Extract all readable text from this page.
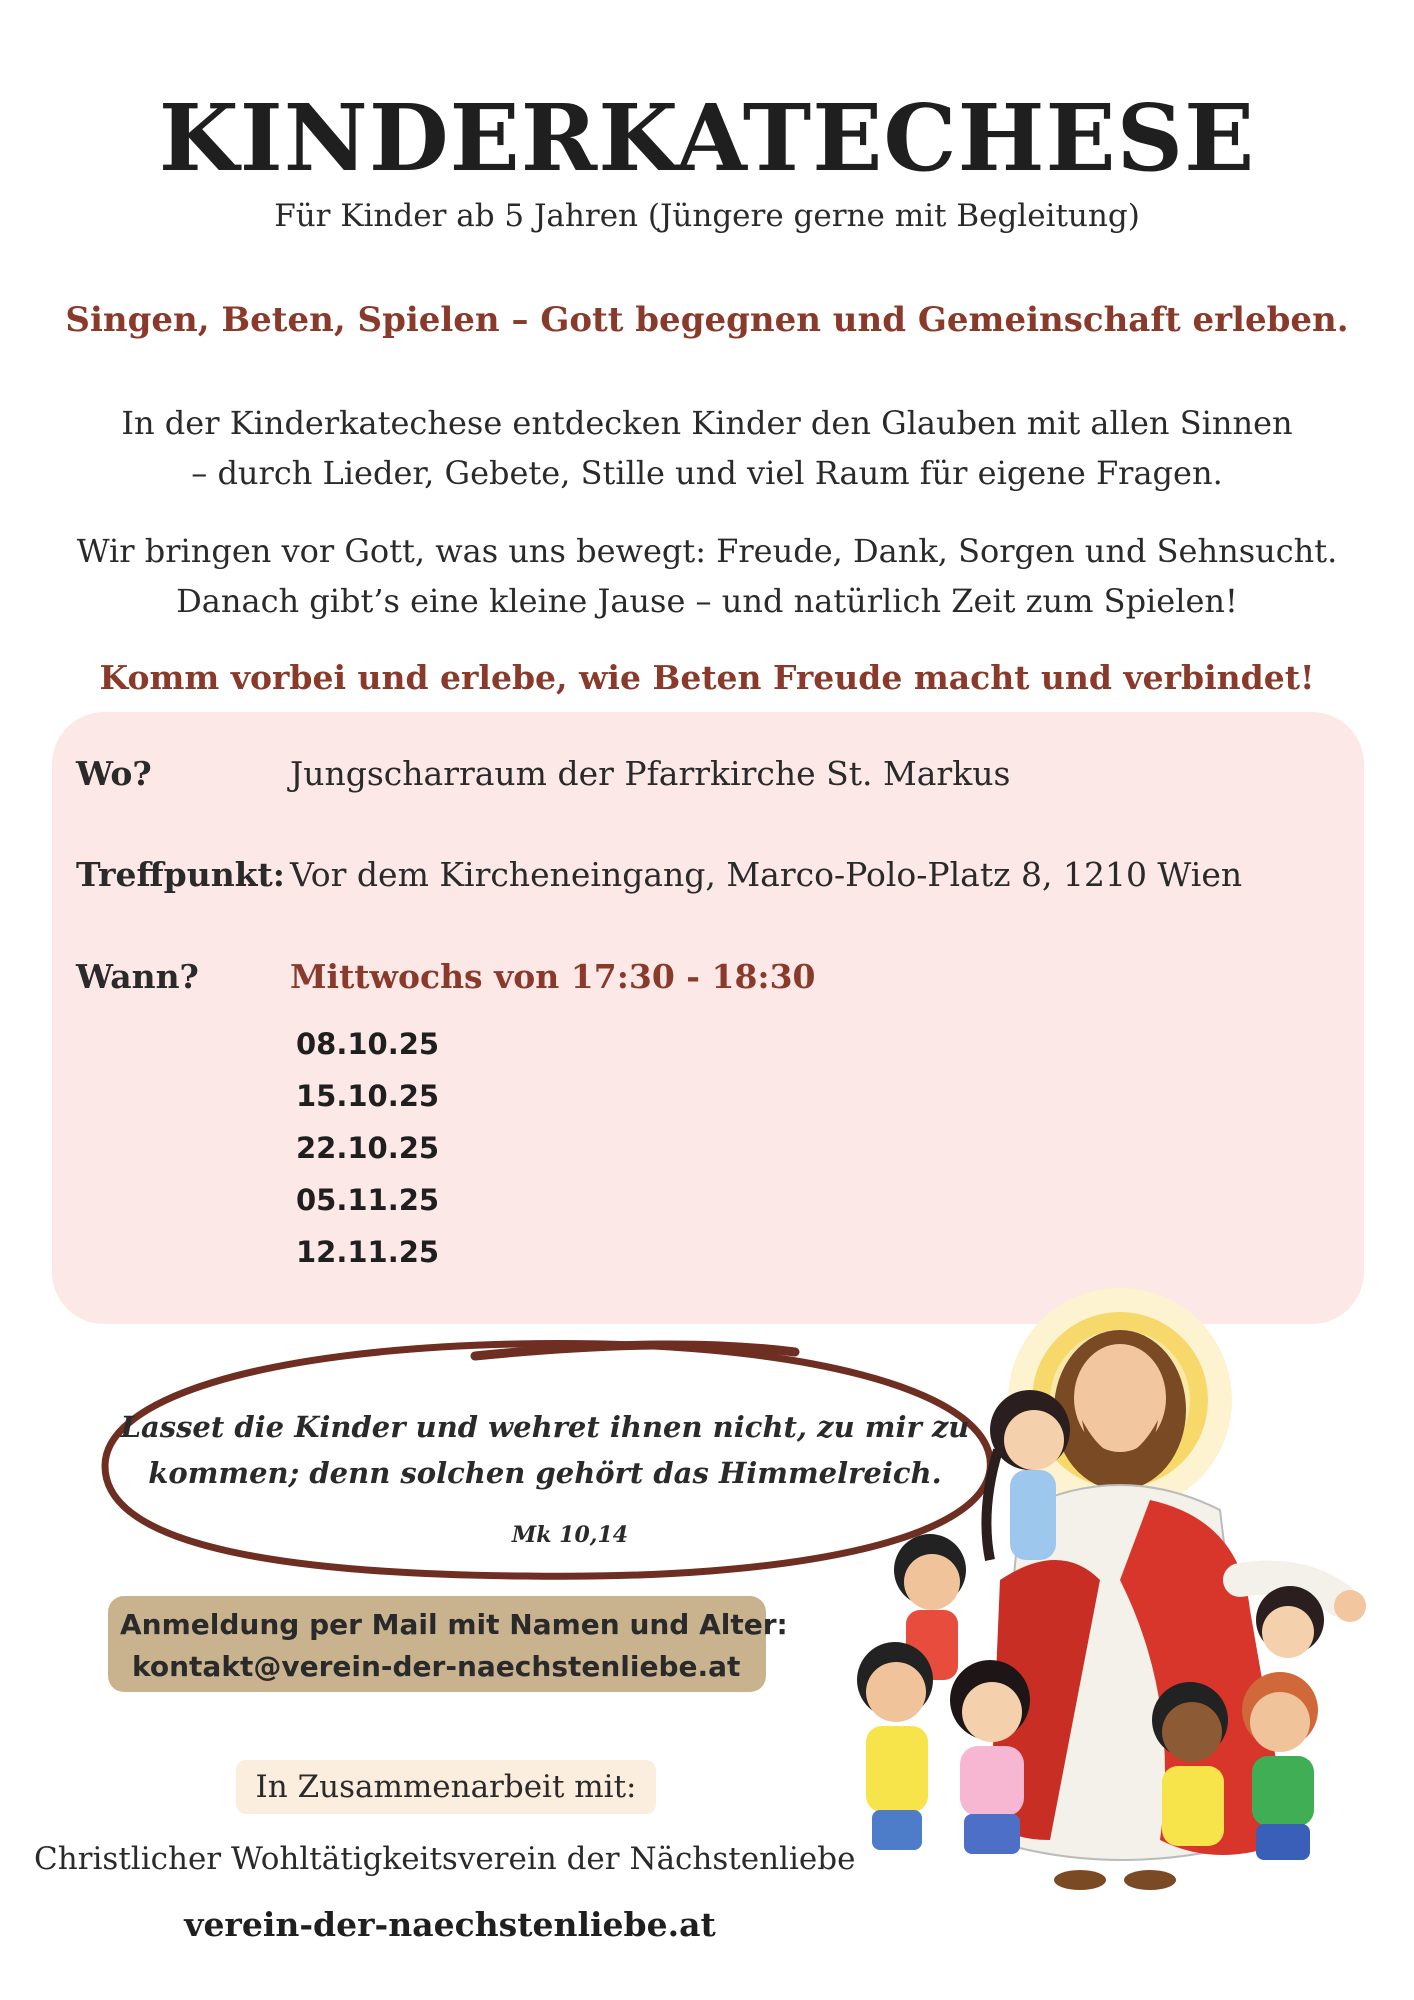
KINDERKATECHESE
Für Kinder ab 5 Jahren (Jüngere gerne mit Begleitung)
Singen, Beten, Spielen – Gott begegnen und Gemeinschaft erleben.
In der Kinderkatechese entdecken Kinder den Glauben mit allen Sinnen
– durch Lieder, Gebete, Stille und viel Raum für eigene Fragen.
Wir bringen vor Gott, was uns bewegt: Freude, Dank, Sorgen und Sehnsucht.
Danach gibt’s eine kleine Jause – und natürlich Zeit zum Spielen!
Komm vorbei und erlebe, wie Beten Freude macht und verbindet!
Wo?	Jungscharraum der Pfarrkirche St. Markus
Treffpunkt: Vor dem Kircheneingang, Marco-Polo-Platz 8, 1210 Wien
Wann?	Mittwochs von 17:30 - 18:30
08.10.25
15.10.25
22.10.25
05.11.25
12.11.25
Lasset die Kinder und wehret ihnen nicht, zu mir zu
kommen; denn solchen gehört das Himmelreich.
Mk 10,14
Anmeldung per Mail mit Namen und Alter:
kontakt@verein-der-naechstenliebe.at
In Zusammenarbeit mit:
Christlicher Wohltätigkeitsverein der Nächstenliebe
verein-der-naechstenliebe.at
